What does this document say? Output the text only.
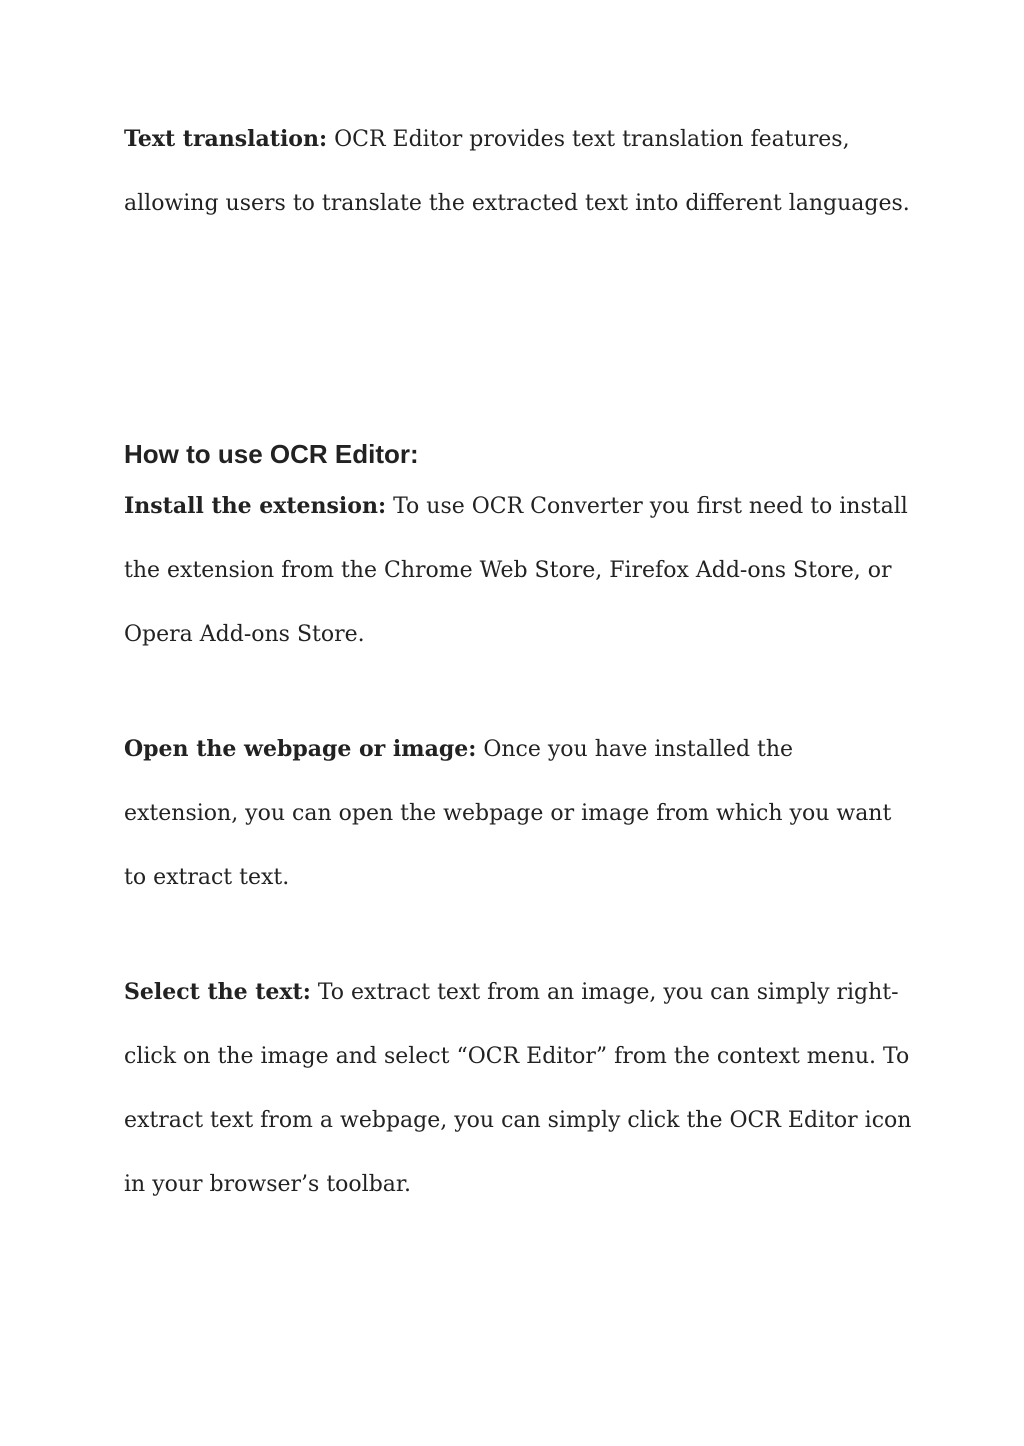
Text translation: OCR Editor provides text translation features, allowing users to translate the extracted text into different languages.

How to use OCR Editor:

Install the extension: To use OCR Converter you first need to install the extension from the Chrome Web Store, Firefox Add-ons Store, or Opera Add-ons Store.

Open the webpage or image: Once you have installed the extension, you can open the webpage or image from which you want to extract text.

Select the text: To extract text from an image, you can simply right-click on the image and select “OCR Editor” from the context menu. To extract text from a webpage, you can simply click the OCR Editor icon in your browser’s toolbar.
